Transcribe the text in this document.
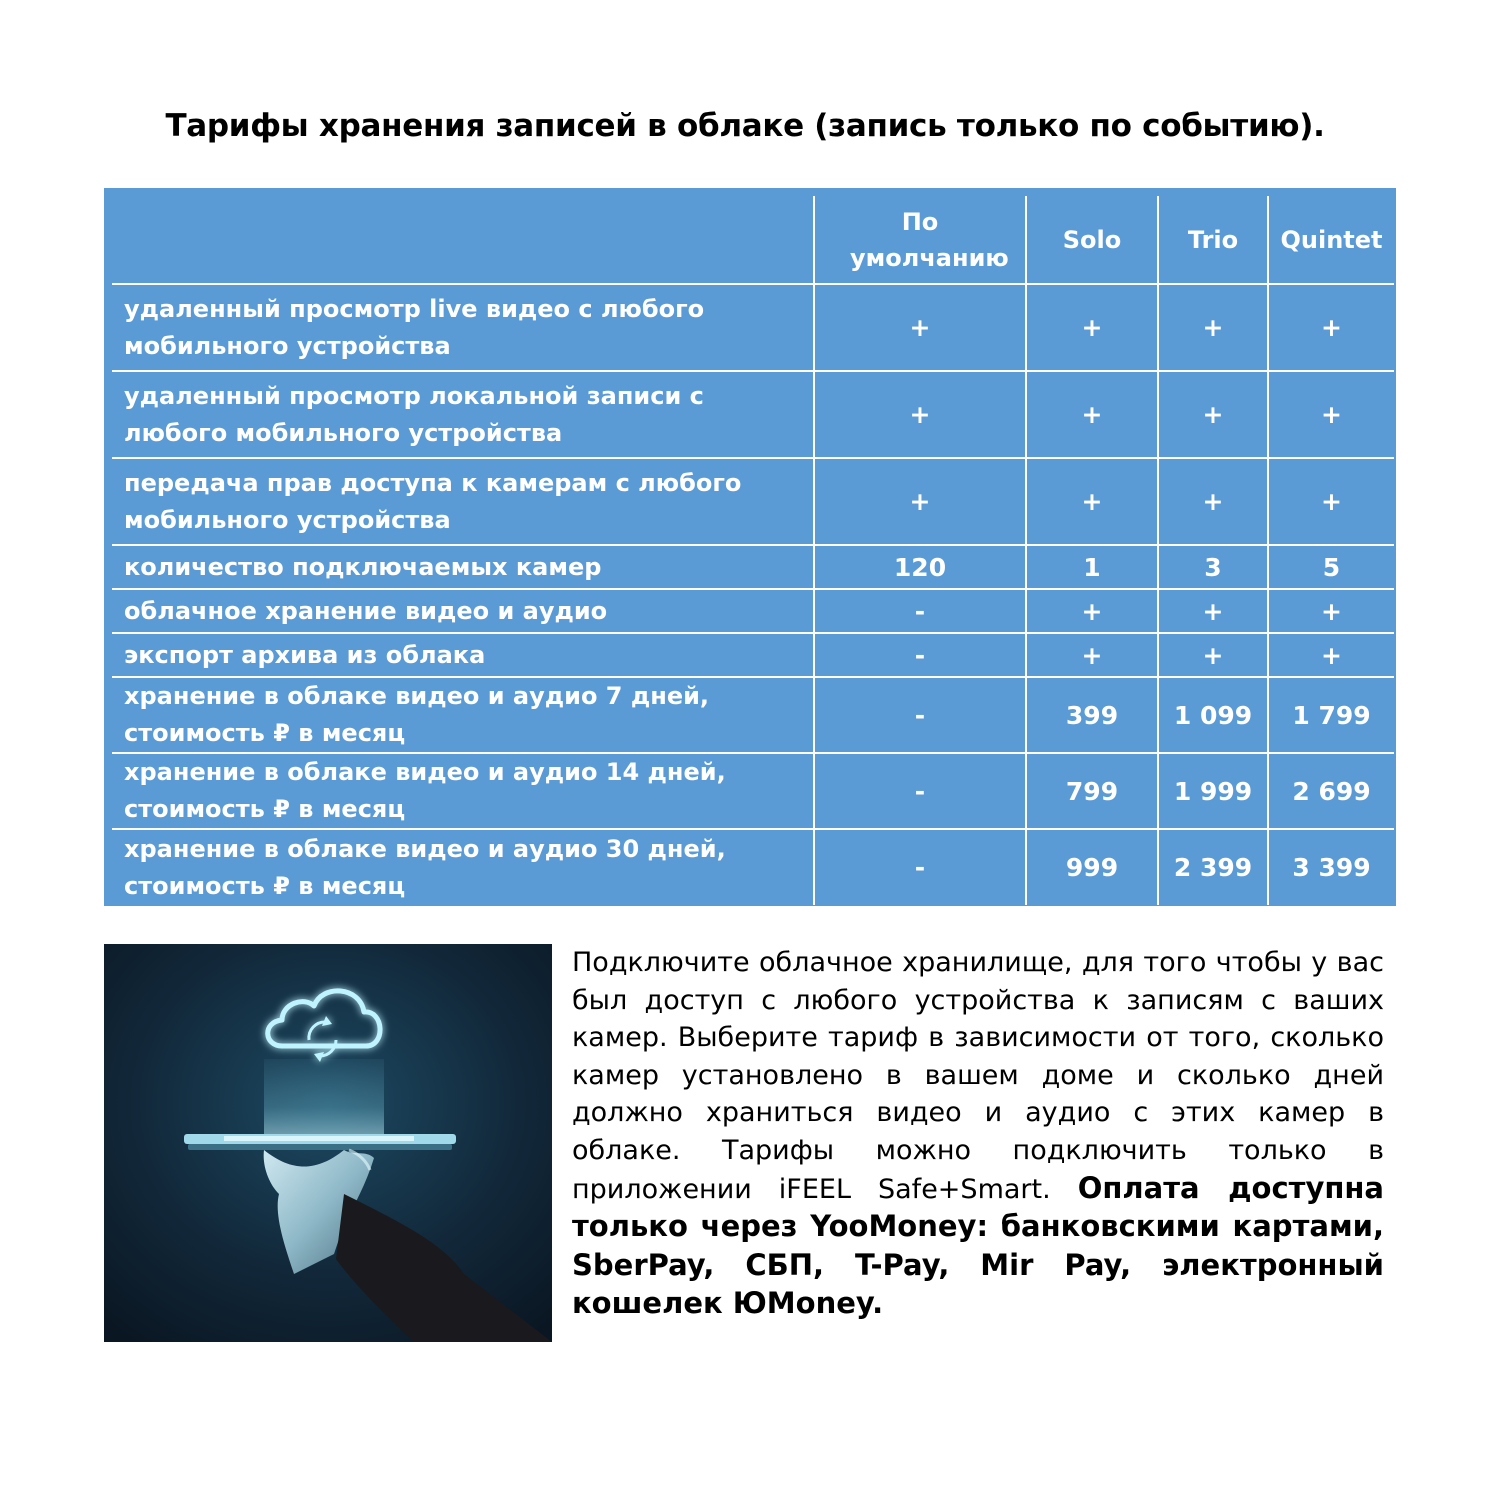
Тарифы хранения записей в облаке (запись только по событию).

	По умолчанию	Solo	Trio	Quintet
удаленный просмотр live видео с любого мобильного устройства	+	+	+	+
удаленный просмотр локальной записи с любого мобильного устройства	+	+	+	+
передача прав доступа к камерам с любого мобильного устройства	+	+	+	+
количество подключаемых камер	120	1	3	5
облачное хранение видео и аудио	-	+	+	+
экспорт архива из облака	-	+	+	+
хранение в облаке видео и аудио 7 дней, стоимость ₽ в месяц	-	399	1 099	1 799
хранение в облаке видео и аудио 14 дней, стоимость ₽ в месяц	-	799	1 999	2 699
хранение в облаке видео и аудио 30 дней, стоимость ₽ в месяц	-	999	2 399	3 399
Подключите облачное хранилище, для того чтобы у вас был доступ с любого устройства к записям с ваших камер. Выберите тариф в зависимости от того, сколько камер установлено в вашем доме и сколько дней должно храниться видео и аудио с этих камер в облаке. Тарифы можно подключить только в приложении iFEEL Safe+Smart. Оплата доступна только через YooMoney: банковскими картами, SberPay, СБП, T-Pay, Mir Pay, электронный кошелек ЮMoney.
